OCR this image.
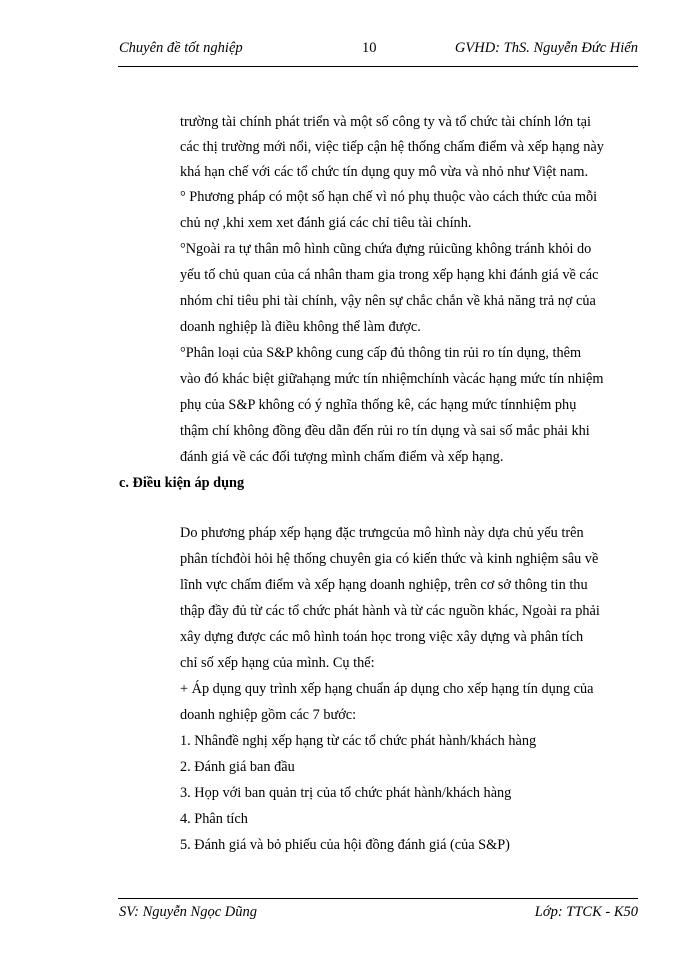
Chuyên đề tốt nghiệp	10	GVHD: ThS. Nguyễn Đức Hiển
trường tài chính phát triển và một số công ty và tổ chức tài chính lớn tại
các thị trường mới nổi, việc tiếp cận hệ thống chấm điểm và xếp hạng này
khá hạn chế với các tổ chức tín dụng quy mô vừa và nhỏ như Việt nam.
° Phương pháp có một số hạn chế vì nó phụ thuộc vào cách thức của mỗi
chủ nợ ,khi xem xet đánh giá các chỉ tiêu tài chính.
°Ngoài ra tự thân mô hình cũng chứa đựng rủicũng không tránh khỏi do
yếu tố chủ quan của cá nhân tham gia trong xếp hạng khi đánh giá về các
nhóm chỉ tiêu phi tài chính, vậy nên sự chắc chắn về khả năng trả nợ của
doanh nghiệp là điều không thể làm được.
°Phân loại của S&P không cung cấp đủ thông tin rủi ro tín dụng, thêm
vào đó khác biệt giữahạng mức tín nhiệmchính vàcác hạng mức tín nhiệm
phụ của S&P không có ý nghĩa thống kê, các hạng mức tínnhiệm phụ
thậm chí không đồng đều dẫn đến rủi ro tín dụng và sai số mắc phải khi
đánh giá về các đối tượng mình chấm điểm và xếp hạng.
c. Điều kiện áp dụng
Do phương pháp xếp hạng đặc trưngcủa mô hình này dựa chủ yếu trên
phân tíchđòi hỏi hệ thống chuyên gia có kiến thức và kinh nghiệm sâu về
lĩnh vực chấm điểm và xếp hạng doanh nghiệp, trên cơ sở thông tin thu
thập đầy đủ từ các tổ chức phát hành và từ các nguồn khác, Ngoài ra phải
xây dựng được các mô hình toán học trong việc xây dựng và phân tích
chỉ số xếp hạng của mình. Cụ thể:
+ Áp dụng quy trình xếp hạng chuẩn áp dụng cho xếp hạng tín dụng của
doanh nghiệp gồm các 7 bước:
1. Nhânđề nghị xếp hạng từ các tổ chức phát hành/khách hàng
2. Đánh giá ban đầu
3. Họp với ban quản trị của tổ chức phát hành/khách hàng
4. Phân tích
5. Đánh giá và bỏ phiếu của hội đồng đánh giá (của S&P)
SV: Nguyễn Ngọc Dũng	Lớp: TTCK - K50
